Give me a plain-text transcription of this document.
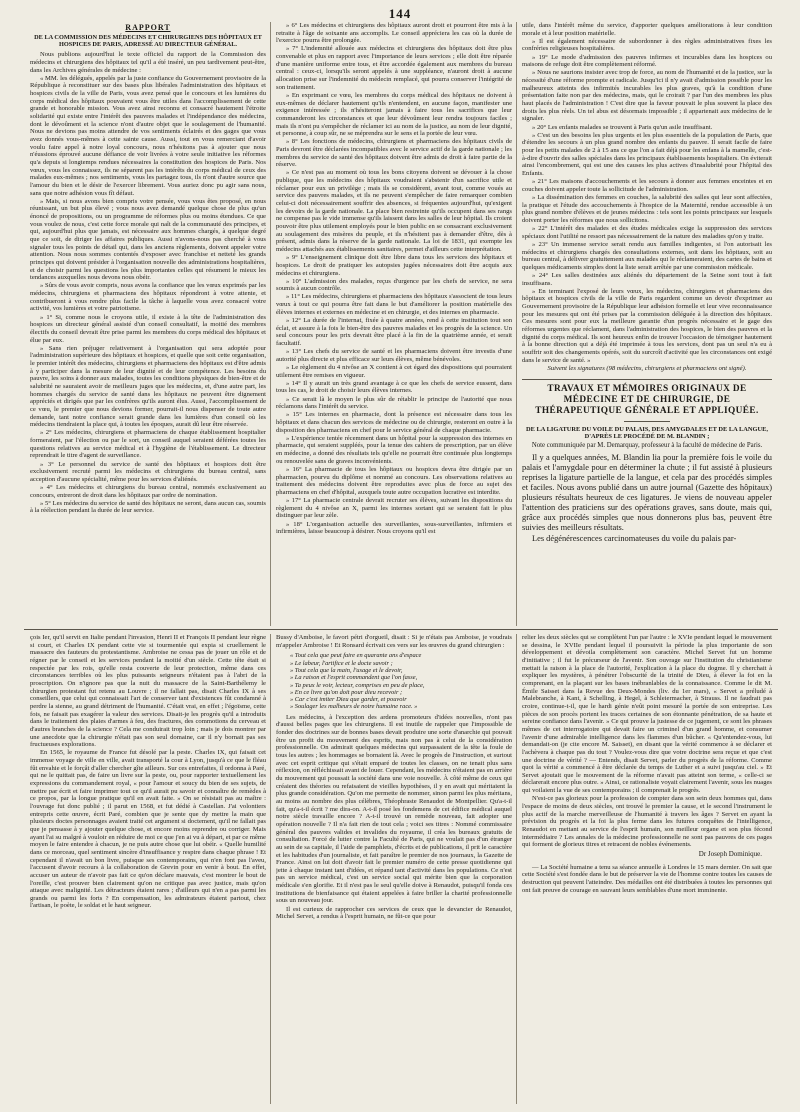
144
RAPPORT
DE LA COMMISSION DES MÉDECINS ET CHIRURGIENS DES HÔPITAUX ET HOSPICES DE PARIS, ADRESSÉ AU DIRECTEUR GÉNÉRAL.

Nous publions aujourd'hui le texte officiel du rapport de la Commission des médecins et chirurgiens des hôpitaux tel qu'il a été inséré, un peu tardivement peut-être, dans les Archives générales de médecine :

« MM. les délégués, appelés par la juste confiance du Gouvernement provisoire de la République à reconstituer sur des bases plus libérales l'administration des hôpitaux et hospices civils de la ville de Paris, vous avez pensé que le concours et les lumières du corps médical des hôpitaux pouvaient vous être utiles dans l'accomplissement de cette grande et honorable mission. Vous avez ainsi reconnu et consacré hautement l'étroite solidarité qui existe entre l'intérêt des pauvres malades et l'indépendance des médecins, dont le dévoûment et la science n'ont d'autre objet que le soulagement de l'humanité. Nous ne devions pas moins attendre de vos sentiments éclairés et des gages que vous avez donnés vous-mêmes à cette sainte cause. Aussi, tout en vous remerciant d'avoir voulu faire appel à notre loyal concours, nous n'hésitons pas à ajouter que nous n'éussions éprouvé aucune défiance de voir livrées à votre seule initiative les réformes qu'a depuis si longtemps rendues nécessaires la constitution des hospices de Paris. Nos vœux, vous les connaissez, ils ne séparent pas les intérêts du corps médical de ceux des malades eux-mêmes ; nos sentiments, vous les partagez tous, ils n'ont d'autre source que l'amour du bien et le désir de l'exercer librement. Vous auriez donc pu agir sans nous, sans que notre adhésion vous fît défaut.

» Mais, si nous avons bien compris votre pensée, vous vous êtes proposé, en nous réunissant, un but plus élevé ; vous nous avez demandé quelque chose de plus qu'un énoncé de propositions, ou un programme de réformes plus ou moins étendues. Ce que vous voulez de nous, c'est cette force morale qui naît de la communauté des principes, et qui, aujourd'hui plus que jamais, est nécessaire aux hommes chargés, à quelque degré que ce soit, de diriger les affaires publiques. Aussi n'avons-nous pas cherché à vous signaler tous les points de détail qui, dans les anciens règlements, doivent appeler votre attention. Nous nous sommes contentés d'exposer avec franchise et netteté les grands principes qui doivent présider à l'organisation nouvelle des administrations hospitalières, et de choisir parmi les questions les plus importantes celles qui résument le mieux les tendances auxquelles nous devons nous obéir.

» Sûrs de vous avoir compris, nous avons la confiance que les vœux exprimés par les médecins, chirurgiens et pharmaciens des hôpitaux répondront à votre attente, et contribueront à vous rendre plus facile la tâche à laquelle vous avez consacré votre activité, vos lumières et votre patriotisme.

» 1° Si, comme nous le croyons utile, il existe à la tête de l'administration des hospices un directeur général assisté d'un conseil consultatif, la moitié des membres électifs du conseil devrait être prise parmi les membres du corps médical des hôpitaux et élue par eux.

» Sans rien préjuger relativement à l'organisation qui sera adoptée pour l'administration supérieure des hôpitaux et hospices, et quelle que soit cette organisation, le premier intérêt des médecins, chirurgiens et pharmaciens des hôpitaux est d'être admis à y participer dans la mesure de leur dignité et de leur compétence. Les besoins du pauvre, les soins à donner aux malades, toutes les conditions physiques de bien-être et de salubrité ne sauraient avoir de meilleurs juges que les médecins, et, d'une autre part, les hommes chargés du service de santé dans les hôpitaux ne peuvent être dignement appréciés et dirigés que par les confrères qu'ils auront élus. Aussi, l'accomplissement de ce vœu, le premier que nous devions former, pourrait-il nous dispenser de toute autre demande, tant notre confiance serait grande dans les lumières d'un conseil où les médecins tiendraient la place qui, à toutes les époques, aurait dû leur être réservée.

» 2° Les médecins, chirurgiens et pharmaciens de chaque établissement hospitalier formeraient, par l'élection ou par le sort, un conseil auquel seraient déférées toutes les questions relatives au service médical et à l'hygiène de l'établissement. Le directeur reprendrait le titre d'agent de surveillance.

» 3° Le personnel du service de santé des hôpitaux et hospices doit être exclusivement recruté parmi les médecins et chirurgiens du bureau central, sans acception d'aucune spécialité, même pour les services d'aliénés.

» 4° Les médecins et chirurgiens du bureau central, nommés exclusivement au concours, entreront de droit dans les hôpitaux par ordre de nomination.

» 5° Les médecins du service de santé des hôpitaux ne seront, dans aucun cas, soumis à la réélection pendant la durée de leur service.

» 6° Les médecins et chirurgiens des hôpitaux auront droit et pourront être mis à la retraite à l'âge de soixante ans accomplis. Le conseil appréciera les cas où la durée de l'exercice pourra être prolongée.

» 7° L'indemnité allouée aux médecins et chirurgiens des hôpitaux doit être plus convenable et plus en rapport avec l'importance de leurs services ; elle doit être réparée d'une manière uniforme entre tous, et être accordée également aux membres du bureau central : ceux-ci, lorsqu'ils seront appelés à une suppléance, n'auront droit à aucune allocation prise sur l'indemnité du médecin remplacé, qui pourra conserver l'intégrité de son traitement.

» En exprimant ce vœu, les membres du corps médical des hôpitaux ne doivent à eux-mêmes de déclarer hautement qu'ils n'entendent, en aucune façon, manifester une exigence intéressée ; ils n'hésiteront jamais à faire tous les sacrifices que leur commanderont les circonstances et que leur dévoûment leur rendra toujours faciles ; mais ils n'ont pu s'empêcher de réclamer ici au nom de la justice, au nom de leur dignité, et personne, à coup sûr, ne se méprendra sur le sens et la portée de leur vœu.

» 8° Les fonctions de médecins, chirurgiens et pharmaciens des hôpitaux civils de Paris devront être déclarées incompatibles avec le service actif de la garde nationale ; les membres du service de santé des hôpitaux doivent être admis de droit à faire partie de la réserve.

» Ce n'est pas au moment où tous les bons citoyens doivent se dévouer à la chose publique, que les médecins des hôpitaux voudraient s'abstenir d'un sacrifice utile et réclamer pour eux un privilège ; mais ils se considèrent, avant tout, comme voués au service des pauvres malades, et ils ne peuvent s'empêcher de faire remarquer combien celui-ci doit nécessairement souffrir des absences, si fréquentes aujourd'hui, qu'exigent les devoirs de la garde nationale. La place bien restreinte qu'ils occupent dans ses rangs ne compense pas le vide immense qu'ils laissent dans les salles de leur hôpital. Ils croient pouvoir être plus utilement employés pour le bien public en se consacrant exclusivement au soulagement des misères du peuple, et ils n'hésitent pas à demander d'être, dès à présent, admis dans la réserve de la garde nationale. La loi de 1831, qui exempte les médecins attachés aux établissements sanitaires, permet d'ailleurs cette interprétation.

» 9° L'enseignement clinique doit être libre dans tous les services des hôpitaux et hospices. Le droit de pratiquer les autopsies jugées nécessaires doit être acquis aux médecins et chirurgiens.

» 10° L'admission des malades, reçus d'urgence par les chefs de service, ne sera soumis à aucun contrôle.

» 11° Les médecins, chirurgiens et pharmaciens des hôpitaux s'associent de tous leurs vœux à tout ce qui pourra être fait dans le but d'améliorer la position matérielle des élèves internes et externes en médecine et en chirurgie, et des internes en pharmacie.

» 12° La durée de l'internat, fixée à quatre années, rend à cette institution tout son éclat, et assure à la fois le bien-être des pauvres malades et les progrès de la science. Un seul concours pour les prix devrait être placé à la fin de la quatrième année, et serait facultatif.

» 13° Les chefs du service de santé et les pharmaciens doivent être investis d'une autorité plus directe et plus efficace sur leurs élèves, même bénévoles.

» Le règlement du 4 nivôse an X contient à cet égard des dispositions qui pourraient utilement être remises en vigueur.

» 14° Il y aurait un très grand avantage à ce que les chefs de service eussent, dans tous les cas, le droit de choisir leurs élèves internes.

» Ce serait là le moyen le plus sûr de rétablir le principe de l'autorité que nous réclamons dans l'intérêt du service.

» 15° Les internes en pharmacie, dont la présence est nécessaire dans tous les hôpitaux et dans chacun des services de médecine ou de chirurgie, resteront en outre à la disposition des pharmaciens en chef pour le service général de chaque pharmacie.

» L'expérience tentée récemment dans un hôpital pour la suppression des internes en pharmacie, qui seraient suppléés, pour la tenue des cahiers de prescription, par un élève en médecine, a donné des résultats tels qu'elle ne pourrait être continuée plus longtemps ou renouvelée sans de graves inconvénients.

» 16° La pharmacie de tous les hôpitaux ou hospices devra être dirigée par un pharmacien, pourvu du diplôme et nommé au concours. Les observations relatives au traitement des médecins doivent être reproduites avec plus de force au sujet des pharmaciens en chef d'hôpital, auxquels toute autre occupation lucrative est interdite.

» 17° La pharmacie centrale devrait recruter ses élèves, suivant les dispositions du règlement du 4 nivôse an X, parmi les internes sortant qui se seraient fait le plus distinguer par leur zèle.

» 18° L'organisation actuelle des surveillantes, sous-surveillantes, infirmiers et infirmières, laisse beaucoup à désirer. Nous croyons qu'il est

utile, dans l'intérêt même du service, d'apporter quelques améliorations à leur condition morale et à leur position matérielle.

» Il est également nécessaire de subordonner à des règles administratives fixes les confréries religieuses hospitalières.

» 19° Le mode d'admission des pauvres infirmes et incurables dans les hospices ou maisons de refuge doit être complètement réformé.

» Nous ne saurions insister avec trop de force, au nom de l'humanité et de la justice, sur la nécessité d'une réforme prompte et radicale. Jusqu'ici il n'y avait d'admission possible pour les malheureux atteints des infirmités incurables les plus graves, qu'à la condition d'une présentation faite non par des médecins, mais, qui le croirait ? par l'un des membres les plus haut placés de l'administration ! C'est dire que la faveur pouvait le plus souvent la place des droits les plus réels. Un tel abus est désormais impossible ; il appartenait aux médecins de le signaler.

» 20° Les enfants malades se trouvent à Paris qu'un asile insuffisant.

» C'est un des besoins les plus urgents et les plus essentiels de la population de Paris, que d'étendre les secours à un plus grand nombre des enfants du pauvre. Il serait facile de faire pour les petits malades de 2 à 15 ans ce que l'on a fait déjà pour les enfans à la mamelle, c'est-à-dire d'ouvrir des salles spéciales dans les principaux établissements hospitaliers. On éviterait ainsi l'encombrement, qui est une des causes les plus actives d'insalubrité pour l'hôpital des Enfants.

» 21° Les maisons d'accouchements et les secours à donner aux femmes enceintes et en couches doivent appeler toute la sollicitude de l'administration.

» La dissémination des femmes en couches, la salubrité des salles qui leur sont affectées, la pratique et l'étude des accouchements à l'hospice de la Maternité, rendue accessible à un plus grand nombre d'élèves et de jeunes médecins : tels sont les points principaux sur lesquels doivent porter les réformes que nous sollicitons.

» 22° L'intérêt des malades et des études médicales exige la suppression des services spéciaux dont l'utilité ne ressort pas nécessairement de la nature des maladies qu'on y traite.

» 23° Un immense service serait rendu aux familles indigentes, si l'on autorisait les médecins et chirurgiens chargés des consultations externes, soit dans les hôpitaux, soit au bureau central, à délivrer gratuitement aux malades qui le réclameraient, des cartes de bains et quelques médicaments simples dont la liste serait arrêtée par une commission médicale.

» 24° Les salles destinées aux aliénés du département de la Seine sont tout à fait insuffisans.

» En terminant l'exposé de leurs vœux, les médecins, chirurgiens et pharmaciens des hôpitaux et hospices civils de la ville de Paris regardent comme un devoir d'exprimer au Gouvernement provisoire de la République leur adhésion formelle et leur vive reconnaissance pour les mesures qui ont été prises par la commission déléguée à la direction des hôpitaux. Ces mesures sont pour eux la meilleure garantie d'un progrès nécessaire et le gage des réformes urgentes que réclament, dans l'administration des hospices, le bien des pauvres et la dignité du corps médical. Ils sont heureux enfin de trouver l'occasion de témoigner hautement à la bonne direction qui a déjà été imprimée à tous les services, dont pas un seul n'a eu à souffrir soit des changements opérés, soit du surcroît d'activité que les circonstances ont exigé dans le service de santé. »

Suivent les signatures (98 médecins, chirurgiens et pharmaciens ont signé).
TRAVAUX ET MÉMOIRES ORIGINAUX DE MÉDECINE ET DE CHIRURGIE, DE THÉRAPEUTIQUE GÉNÉRALE ET APPLIQUÉE.
DE LA LIGATURE DU VOILE DU PALAIS, DES AMYGDALES ET DE LA LANGUE, D'APRÈS LE PROCÉDÉ DE M. BLANDIN ;
Note communiquée par M. Demarquay, professeur à la faculté de médecine de Paris.

Il y a quelques années, M. Blandin lia pour la première fois le voile du palais et l'amygdale pour en déterminer la chute ; il fut assisté à plusieurs reprises la ligature partielle de la langue, et cela par des procédés simples et faciles. Nous avons publié dans un autre journal (Gazette des hôpitaux) plusieurs résultats heureux de ces ligatures. Je viens de nouveau appeler l'attention des praticiens sur des opérations graves, sans doute, mais qui, grâce aux procédés simples que nous donnerons plus bas, peuvent être suivies des meilleurs résultats.

Les dégénérescences carcinomateuses du voile du palais par-

çois Ier, qu'il servit en Italie pendant l'invasion, Henri II et François II pendant leur règne si court, et Charles IX pendant cette vie si tourmentée qui expia si cruellement le massacre des fauteurs du protestantisme. Ambroise ne cessa pas de jouer un rôle et de régner par le conseil et les services pendant la moitié d'un siècle. Cette tête était si respectée par les rois, qu'elle resta couverte de leur protection, même dans ces circonstances terribles où les plus puissants seigneurs n'étaient pas à l'abri de la proscription. On n'ignore pas que la nuit du massacre de la Saint-Barthélemy le chirurgien protestant fut retenu au Louvre ; il ne fallait pas, disait Charles IX à ses conseillers, que celui qui connaissait l'art de conserver tant d'existences fût condamné à perdre la sienne, au grand détriment de l'humanité. C'était vrai, en effet ; l'égoïsme, cette fois, ne faisait pas exagérer la valeur des services. Disait-je les progrès qu'il a introduits dans le traitement des plaies d'armes à feu, des fractures, des commotions du cerveau et d'autres branches de la science ? Cela me conduirait trop loin ; mais je dois montrer par une anecdote que la chirurgie n'était pas son seul domaine, car il n'y bornait pas ses fructueuses explorations.

En 1565, le royaume de France fut désolé par la peste. Charles IX, qui faisait cet immense voyage de ville en ville, avait transporté la cour à Lyon, jusqu'à ce que le fléau fût envahie et le forçât d'aller chercher gîte ailleurs. Sur ces entrefaites, il ordonna à Paré, qui ne le quittait pas, de faire un livre sur la peste, ou, pour rapporter textuellement les expressions du commandement royal, « pour l'amour et soucy du bien de ses sujets, de mettre par écrit et faire imprimer tout ce qu'il aurait pu savoir et connaître de remèdes à ce propos, par la longue pratique qu'il en avait faite. » On se résistait pas au maître : l'ouvrage fut donc publié ; il parut en 1568, et fut dédié à Castellan. J'ai volontiers entrepris cette œuvre, écrit Paré, combien que je sente que dy mettre la main que plusieurs doctes personnages avaient traité cet argument si doctement, qu'il ne fallait pas que je pensasse à y ajouter quelque chose, et encore moins reprendre ou corriger. Mais ayant l'ai su malgré à vouloir en réduire de moi ce que j'en ai vu à départ, et par ce même moyen le faire entendre à chacun, je ne puis autre chose que lui obéir. « Quelle humilité dans ce morceau, quel sentiment sincère d'insuffisance y respire dans chaque phrase ! Et cependant il n'avait un bon livre, puisque ses contemporains, qui n'en font pas l'aveu, l'accusent d'avoir recours à la collaboration de Grevin pour en venir à bout. En effet, accuser un auteur de n'avoir pas fait ce qu'on déclare mauvais, c'est montrer le bout de l'oreille, c'est prouver bien clairement qu'on ne critique pas avec justice, mais qu'on attaque avec malignité. Les détracteurs étaient rares ; d'ailleurs qui n'en a pas parmi les grands ou parmi les forts ? En compensation, les admirateurs étaient partout, chez l'artisan, le poète, le soldat et le haut seigneur.

Bussy d'Amboise, le favori pétri d'orgueil, disait : Si je n'étais pas Amboise, je voudrais m'appeler Ambroise ! Et Ronsard écrivait ces vers sur les œuvres du grand chirurgien :

« Tout cela que peut faire en quarante ans d'espace
» Le labeur, l'artifice et le docte savoir ;
» Tout cela que la main, l'usage et le devoir,
» La raison et l'esprit commandent que l'on fasse,
» Ta peux le voir, lecteur, comprises en peu de place,
» En ce livre qu'on doit pour dieu recevoir ;
» Car c'est imiter Dieu que garder, et pouvoir
» Soulager les malheurs de notre humaine race. »

Les médecins, à l'exception des ardens promoteurs d'idées nouvelles, n'ont pas d'aussi belles pages que les chirurgiens. Il est inutile de rappeler que l'impossible de fonder des doctrines sur de bonnes bases devait produire une sorte d'anarchie qui pouvait être un profit du mouvement des esprits, mais non pas à celui de la considération professionnelle. On admirait quelques médecins qui surpassaient de la tête la foule de tous les autres ; les hommages se bornaient là. Avec le progrès de l'instruction, et surtout avec cet esprit critique qui s'était emparé de toutes les classes, on ne tenait plus sans réflexion, on réfléchissait avant de louer. Cependant, les médecins n'étaient pas en arrière du mouvement qui poussait la société dans une voie nouvelle. À côté même de ceux qui créaient des théories ou refaisaient de vieilles hypothèses, il y en avait qui méritaient la plus grande considération. Qu'on me permette de nommer, sinon parmi les plus méritans, au moins au nombre des plus célèbres, Théophraste Renaudot de Montpellier. Qu'a-t-il fait, qu'a-t-il écrit ? me dira-on. A-t-il posé les fondemens de cet édifice médical auquel notre siècle travaille encore ? A-t-il trouvé un remède nouveau, fait adopter une opération nouvelle ? Il n'a fait rien de tout cela ; voici ses titres : Nommé commissaire général des pauvres valides et invalides du royaume, il créa les bureaux gratuits de consultation. Forcé de lutter contre la Faculté de Paris, qui ne voulait pas d'un étranger au sein de sa capitale, il l'aide de pamphlets, d'écrits et de publications, il prit le caractère et les habitudes d'un journaliste, et fait paraître le premier de nos journaux, la Gazette de France. Ainsi on lui doit d'avoir fait le premier numéro de cette presse quotidienne qui jette à chaque instant tant d'idées, et répand tant d'activité dans les populations. Ce n'est pas un service médical, c'est un service social qui mérite bien que la corporation médicale s'en glorifie. Et il n'est pas le seul qu'elle doive à Renaudot, puisqu'il fonda ces institutions de bienfaisance qui étaient appelées à faire briller la charité professionnelle sous un nouveau jour.

Il est curieux de rapprocher ces services de ceux que le devancier de Renaudot, Michel Servet, a rendus à l'esprit humain, ne fût-ce que pour

relier les deux siècles qui se complètent l'un par l'autre : le XVIe pendant lequel le mouvement se dessina, le XVIIe pendant lequel il poursuivit la période la plus importante de son développement et dévoila complètement son caractère. Michel Servet fut un homme d'initiative ; il fut le précurseur de l'avenir. Son ouvrage sur l'institution du christianisme mettait la raison à la place de l'autorité, l'explication à la place du dogme. Il y cherchait à expliquer les mystères, à pénétrer l'obscurité de la trinité de Dieu, à élever la foi en la comprenant, en la plaçant sur les bases inébranlables de la connaissance. Comme le dit M. Émile Saisset dans la Revue des Deux-Mondes (liv. du 1er mars), « Servet a préludé à Malebranche, à Kant, à Schelling, à Hegel, à Schleiermacher, à Strauss. Il ne faudrait pas croire, continue-t-il, que le hardi génie n'eût point mesuré la portée de son entreprise. Les pièces de son procès portent les traces certaines de son étonnante pénétration, de sa haute et sereine confiance dans l'avenir. » Ce qui prouve la justesse de ce jugement, ce sont les phrases mêmes de cet interrogatoire qui devait faire un criminel d'un grand homme, et consumer l'avenir d'une admirable intelligence dans les flammes d'un bûcher. « Qu'entendez-vous, lui demandait-on (je cite encore M. Saisset), en disant que la vérité commence à se déclarer et l'achèvera à chaque pas du tout ? Voulez-vous dire que votre doctrine sera reçue et que c'est une doctrine de vérité ? — Entends, disait Servet, parler du progrès de la réforme. Comme quoi la vérité a commencé à être déclarée du temps de Luther et a suivi jusqu'au ciel. » Et Servet ajoutait que le mouvement de la réforme n'avait pas atteint son terme, « celle-ci se déclarerait encore plus outre. » Ainsi, ce rationaliste voyait clairement l'avenir, sous les nuages qui voilaient la vue de ses contemporains ; il comprenait le progrès.

N'est-ce pas glorieux pour la profession de compter dans son sein deux hommes qui, dans l'espace de moins de deux siècles, ont trouvé le premier la cause, et le second l'instrument le plus actif de la marche merveilleuse de l'humanité à travers les âges ? Servet en ayant la prévision du progrès et la foi la plus ferme dans les futures conquêtes de l'intelligence, Renaudot en mettant au service de l'esprit humain, son meilleur organe et son plus fécond intermédiaire ? Les annales de la médecine professionnelle ne sont pas pauvres de ces pages qui forment de glorieux titres et retracent de nobles événements.

Dr Joseph Dominique.

— La Société humaine a tenu sa séance annuelle à Londres le 15 mars dernier. On sait que cette Société s'est fondée dans le but de préserver la vie de l'homme contre toutes les causes de destruction qui peuvent l'atteindre. Des médailles ont été distribuées à toutes les personnes qui ont fait preuve de courage en sauvant leurs semblables d'une mort imminente.
